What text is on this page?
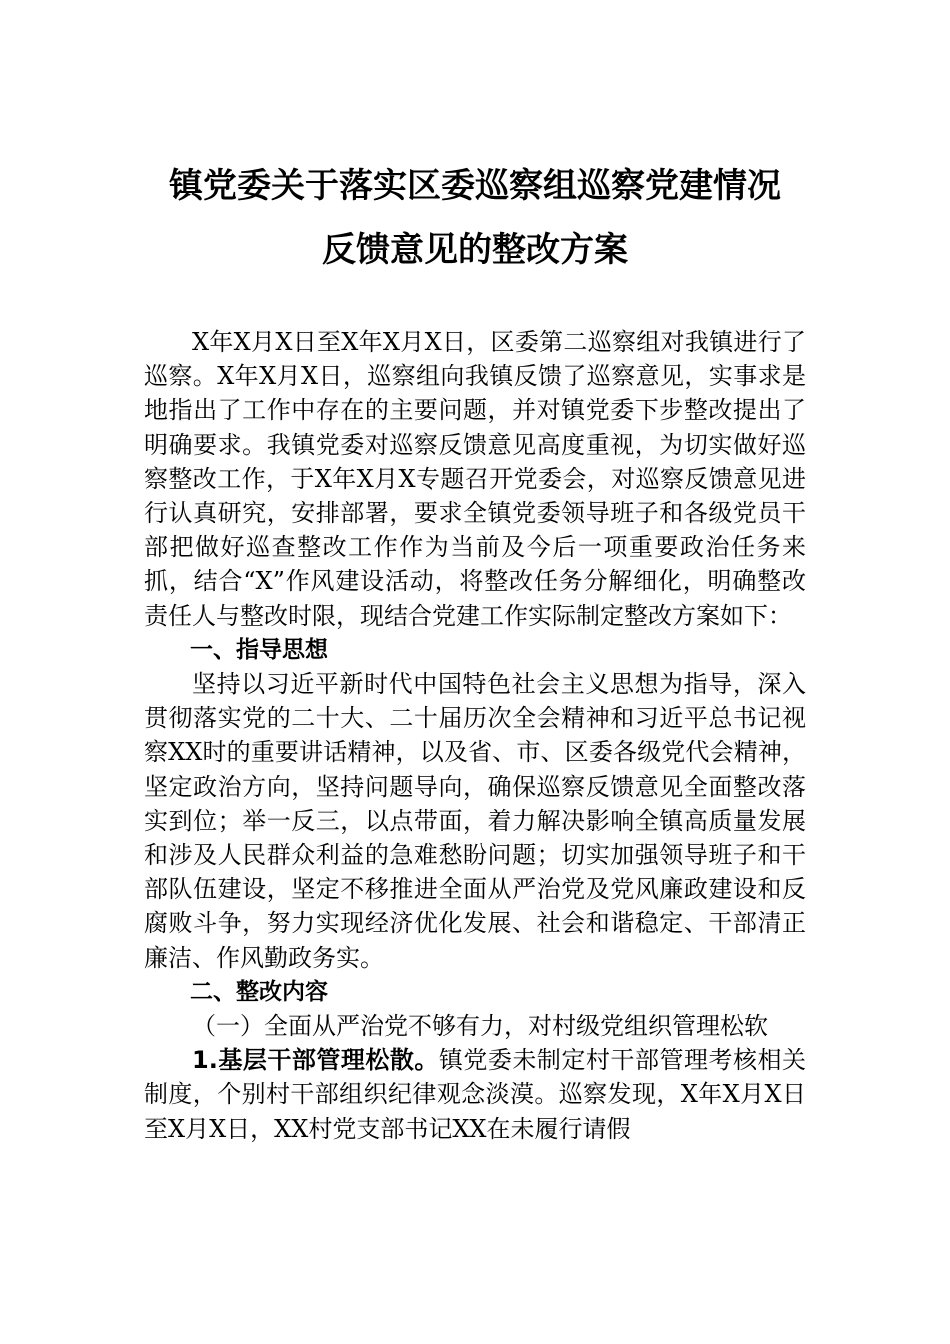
镇党委关于落实区委巡察组巡察党建情况
反馈意见的整改方案

X年X月X日至X年X月X日，区委第二巡察组对我镇进行了巡察。X年X月X日，巡察组向我镇反馈了巡察意见，实事求是地指出了工作中存在的主要问题，并对镇党委下步整改提出了明确要求。我镇党委对巡察反馈意见高度重视，为切实做好巡察整改工作，于X年X月X专题召开党委会，对巡察反馈意见进行认真研究，安排部署，要求全镇党委领导班子和各级党员干部把做好巡查整改工作作为当前及今后一项重要政治任务来抓，结合“X”作风建设活动，将整改任务分解细化，明确整改责任人与整改时限，现结合党建工作实际制定整改方案如下：

一、指导思想

坚持以习近平新时代中国特色社会主义思想为指导，深入贯彻落实党的二十大、二十届历次全会精神和习近平总书记视察XX时的重要讲话精神，以及省、市、区委各级党代会精神，坚定政治方向，坚持问题导向，确保巡察反馈意见全面整改落实到位；举一反三，以点带面，着力解决影响全镇高质量发展和涉及人民群众利益的急难愁盼问题；切实加强领导班子和干部队伍建设，坚定不移推进全面从严治党及党风廉政建设和反腐败斗争，努力实现经济优化发展、社会和谐稳定、干部清正廉洁、作风勤政务实。

二、整改内容

（一）全面从严治党不够有力，对村级党组织管理松软

1.基层干部管理松散。镇党委未制定村干部管理考核相关制度，个别村干部组织纪律观念淡漠。巡察发现，X年X月X日至X月X日，XX村党支部书记XX在未履行请假
